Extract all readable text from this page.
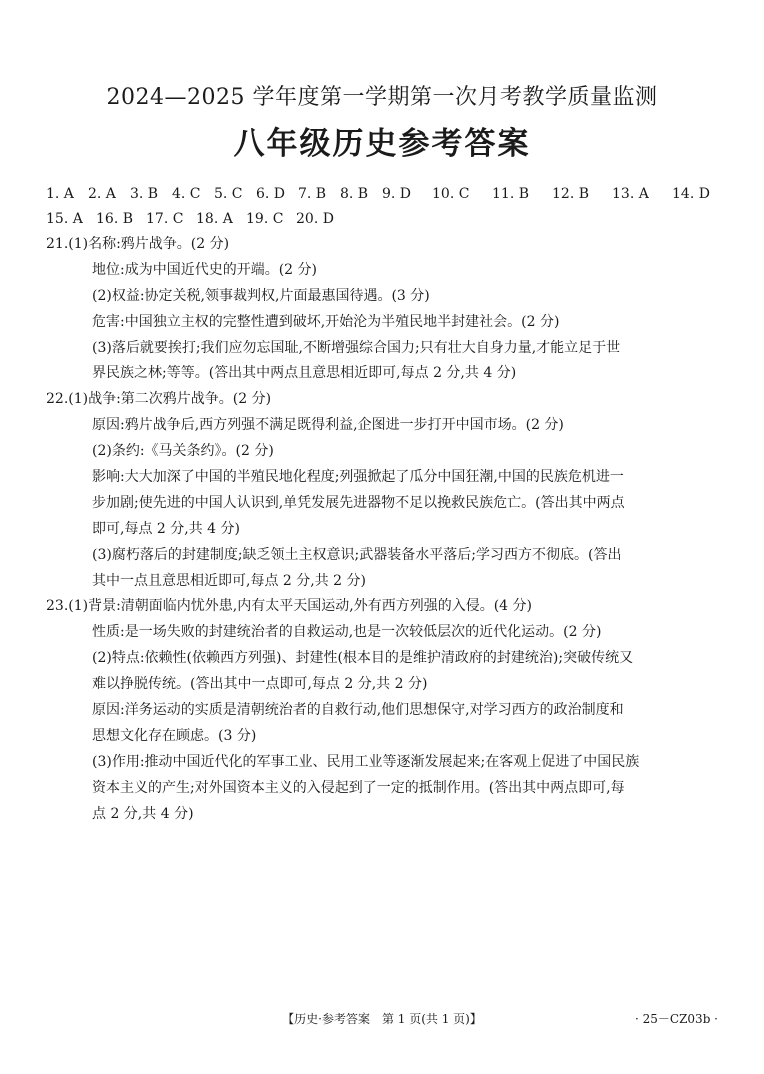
2024—2025 学年度第一学期第一次月考教学质量监测
八年级历史参考答案
1. A 2. A 3. B 4. C 5. C 6. D 7. B 8. B 9. D 10. C 11. B 12. B 13. A 14. D
15. A 16. B 17. C 18. A 19. C 20. D
21.(1)名称:鸦片战争。(2 分)
地位:成为中国近代史的开端。(2 分)
(2)权益:协定关税,领事裁判权,片面最惠国待遇。(3 分)
危害:中国独立主权的完整性遭到破坏,开始沦为半殖民地半封建社会。(2 分)
(3)落后就要挨打;我们应勿忘国耻,不断增强综合国力;只有壮大自身力量,才能立足于世
界民族之林;等等。(答出其中两点且意思相近即可,每点 2 分,共 4 分)
22.(1)战争:第二次鸦片战争。(2 分)
原因:鸦片战争后,西方列强不满足既得利益,企图进一步打开中国市场。(2 分)
(2)条约:《马关条约》。(2 分)
影响:大大加深了中国的半殖民地化程度;列强掀起了瓜分中国狂潮,中国的民族危机进一
步加剧;使先进的中国人认识到,单凭发展先进器物不足以挽救民族危亡。(答出其中两点
即可,每点 2 分,共 4 分)
(3)腐朽落后的封建制度;缺乏领土主权意识;武器装备水平落后;学习西方不彻底。(答出
其中一点且意思相近即可,每点 2 分,共 2 分)
23.(1)背景:清朝面临内忧外患,内有太平天国运动,外有西方列强的入侵。(4 分)
性质:是一场失败的封建统治者的自救运动,也是一次较低层次的近代化运动。(2 分)
(2)特点:依赖性(依赖西方列强)、封建性(根本目的是维护清政府的封建统治);突破传统又
难以挣脱传统。(答出其中一点即可,每点 2 分,共 2 分)
原因:洋务运动的实质是清朝统治者的自救行动,他们思想保守,对学习西方的政治制度和
思想文化存在顾虑。(3 分)
(3)作用:推动中国近代化的军事工业、民用工业等逐渐发展起来;在客观上促进了中国民族
资本主义的产生;对外国资本主义的入侵起到了一定的抵制作用。(答出其中两点即可,每
点 2 分,共 4 分)
【历史·参考答案　第 1 页(共 1 页)】	· 25－CZ03b ·
